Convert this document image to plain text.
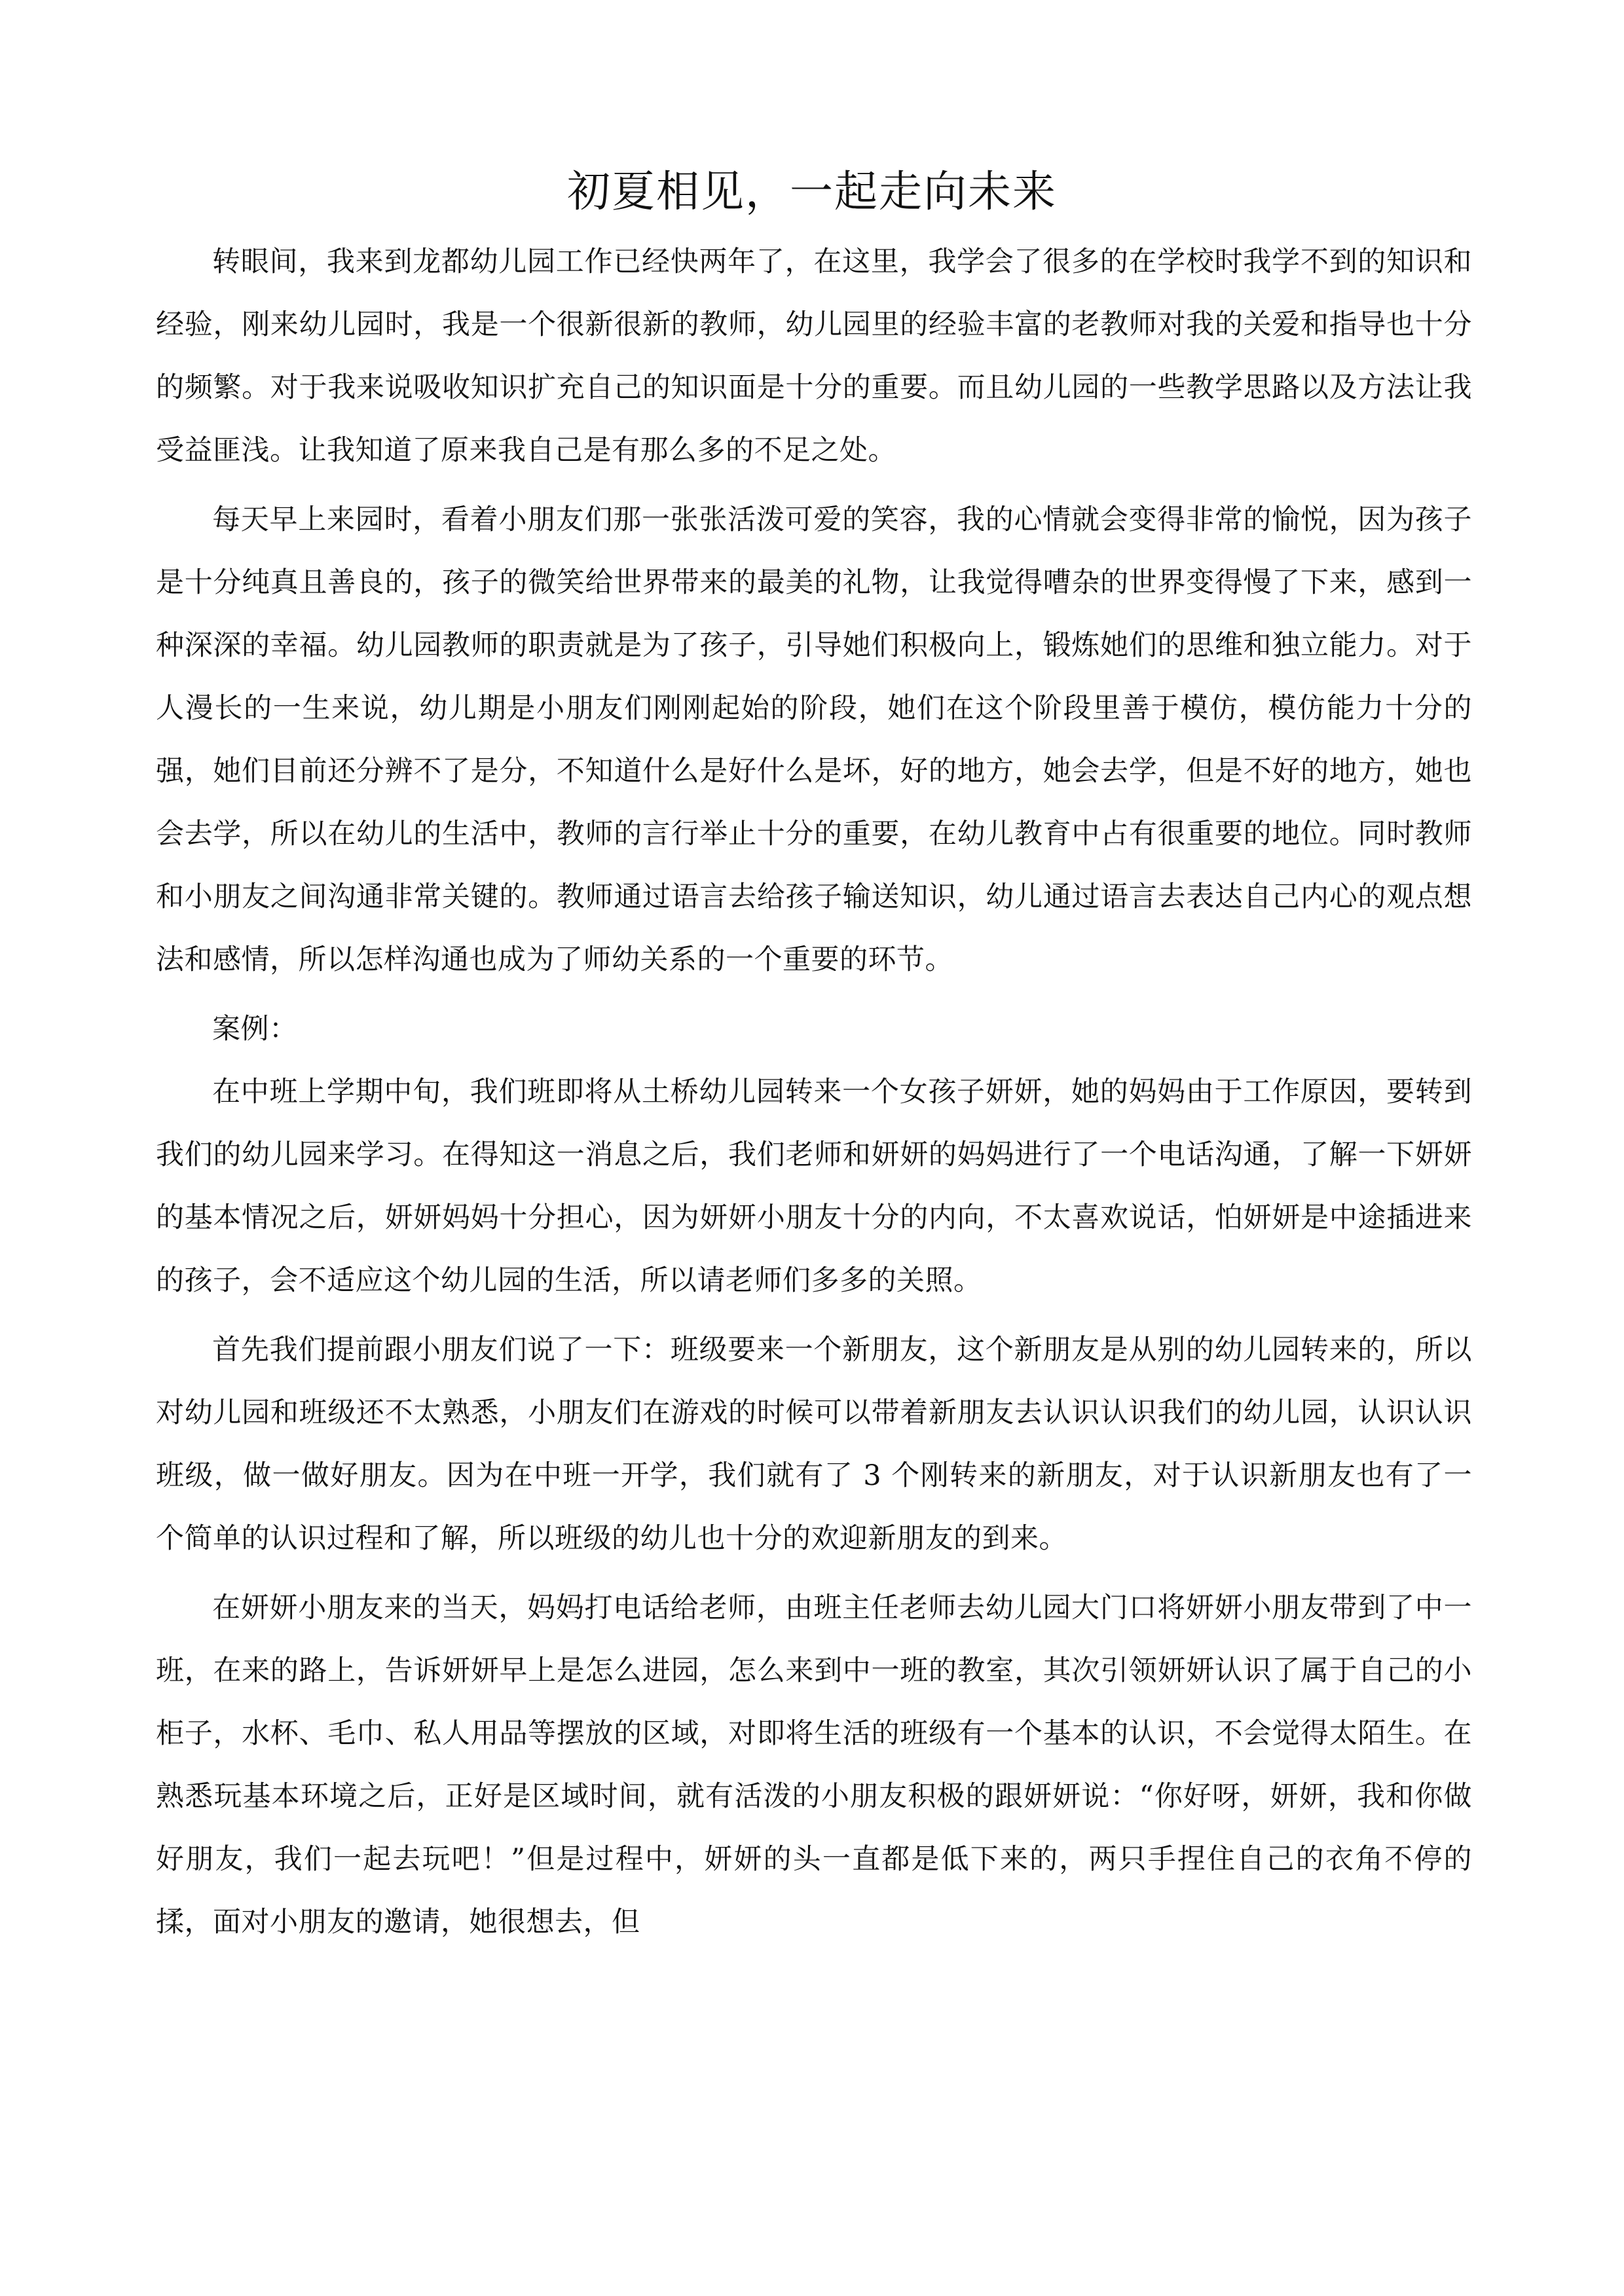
初夏相见，一起走向未来

转眼间，我来到龙都幼儿园工作已经快两年了，在这里，我学会了很多的在学校时我学不到的知识和经验，刚来幼儿园时，我是一个很新很新的教师，幼儿园里的经验丰富的老教师对我的关爱和指导也十分的频繁。对于我来说吸收知识扩充自己的知识面是十分的重要。而且幼儿园的一些教学思路以及方法让我受益匪浅。让我知道了原来我自己是有那么多的不足之处。

每天早上来园时，看着小朋友们那一张张活泼可爱的笑容，我的心情就会变得非常的愉悦，因为孩子是十分纯真且善良的，孩子的微笑给世界带来的最美的礼物，让我觉得嘈杂的世界变得慢了下来，感到一种深深的幸福。幼儿园教师的职责就是为了孩子，引导她们积极向上，锻炼她们的思维和独立能力。对于人漫长的一生来说，幼儿期是小朋友们刚刚起始的阶段，她们在这个阶段里善于模仿，模仿能力十分的强，她们目前还分辨不了是分，不知道什么是好什么是坏，好的地方，她会去学，但是不好的地方，她也会去学，所以在幼儿的生活中，教师的言行举止十分的重要，在幼儿教育中占有很重要的地位。同时教师和小朋友之间沟通非常关键的。教师通过语言去给孩子输送知识，幼儿通过语言去表达自己内心的观点想法和感情，所以怎样沟通也成为了师幼关系的一个重要的环节。

案例：

在中班上学期中旬，我们班即将从土桥幼儿园转来一个女孩子妍妍，她的妈妈由于工作原因，要转到我们的幼儿园来学习。在得知这一消息之后，我们老师和妍妍的妈妈进行了一个电话沟通，了解一下妍妍的基本情况之后，妍妍妈妈十分担心，因为妍妍小朋友十分的内向，不太喜欢说话，怕妍妍是中途插进来的孩子，会不适应这个幼儿园的生活，所以请老师们多多的关照。

首先我们提前跟小朋友们说了一下：班级要来一个新朋友，这个新朋友是从别的幼儿园转来的，所以对幼儿园和班级还不太熟悉，小朋友们在游戏的时候可以带着新朋友去认识认识我们的幼儿园，认识认识班级，做一做好朋友。因为在中班一开学，我们就有了 3 个刚转来的新朋友，对于认识新朋友也有了一个简单的认识过程和了解，所以班级的幼儿也十分的欢迎新朋友的到来。

在妍妍小朋友来的当天，妈妈打电话给老师，由班主任老师去幼儿园大门口将妍妍小朋友带到了中一班，在来的路上，告诉妍妍早上是怎么进园，怎么来到中一班的教室，其次引领妍妍认识了属于自己的小柜子，水杯、毛巾、私人用品等摆放的区域，对即将生活的班级有一个基本的认识，不会觉得太陌生。在熟悉玩基本环境之后，正好是区域时间，就有活泼的小朋友积极的跟妍妍说：“你好呀，妍妍，我和你做好朋友，我们一起去玩吧！”但是过程中，妍妍的头一直都是低下来的，两只手捏住自己的衣角不停的揉，面对小朋友的邀请，她很想去，但
